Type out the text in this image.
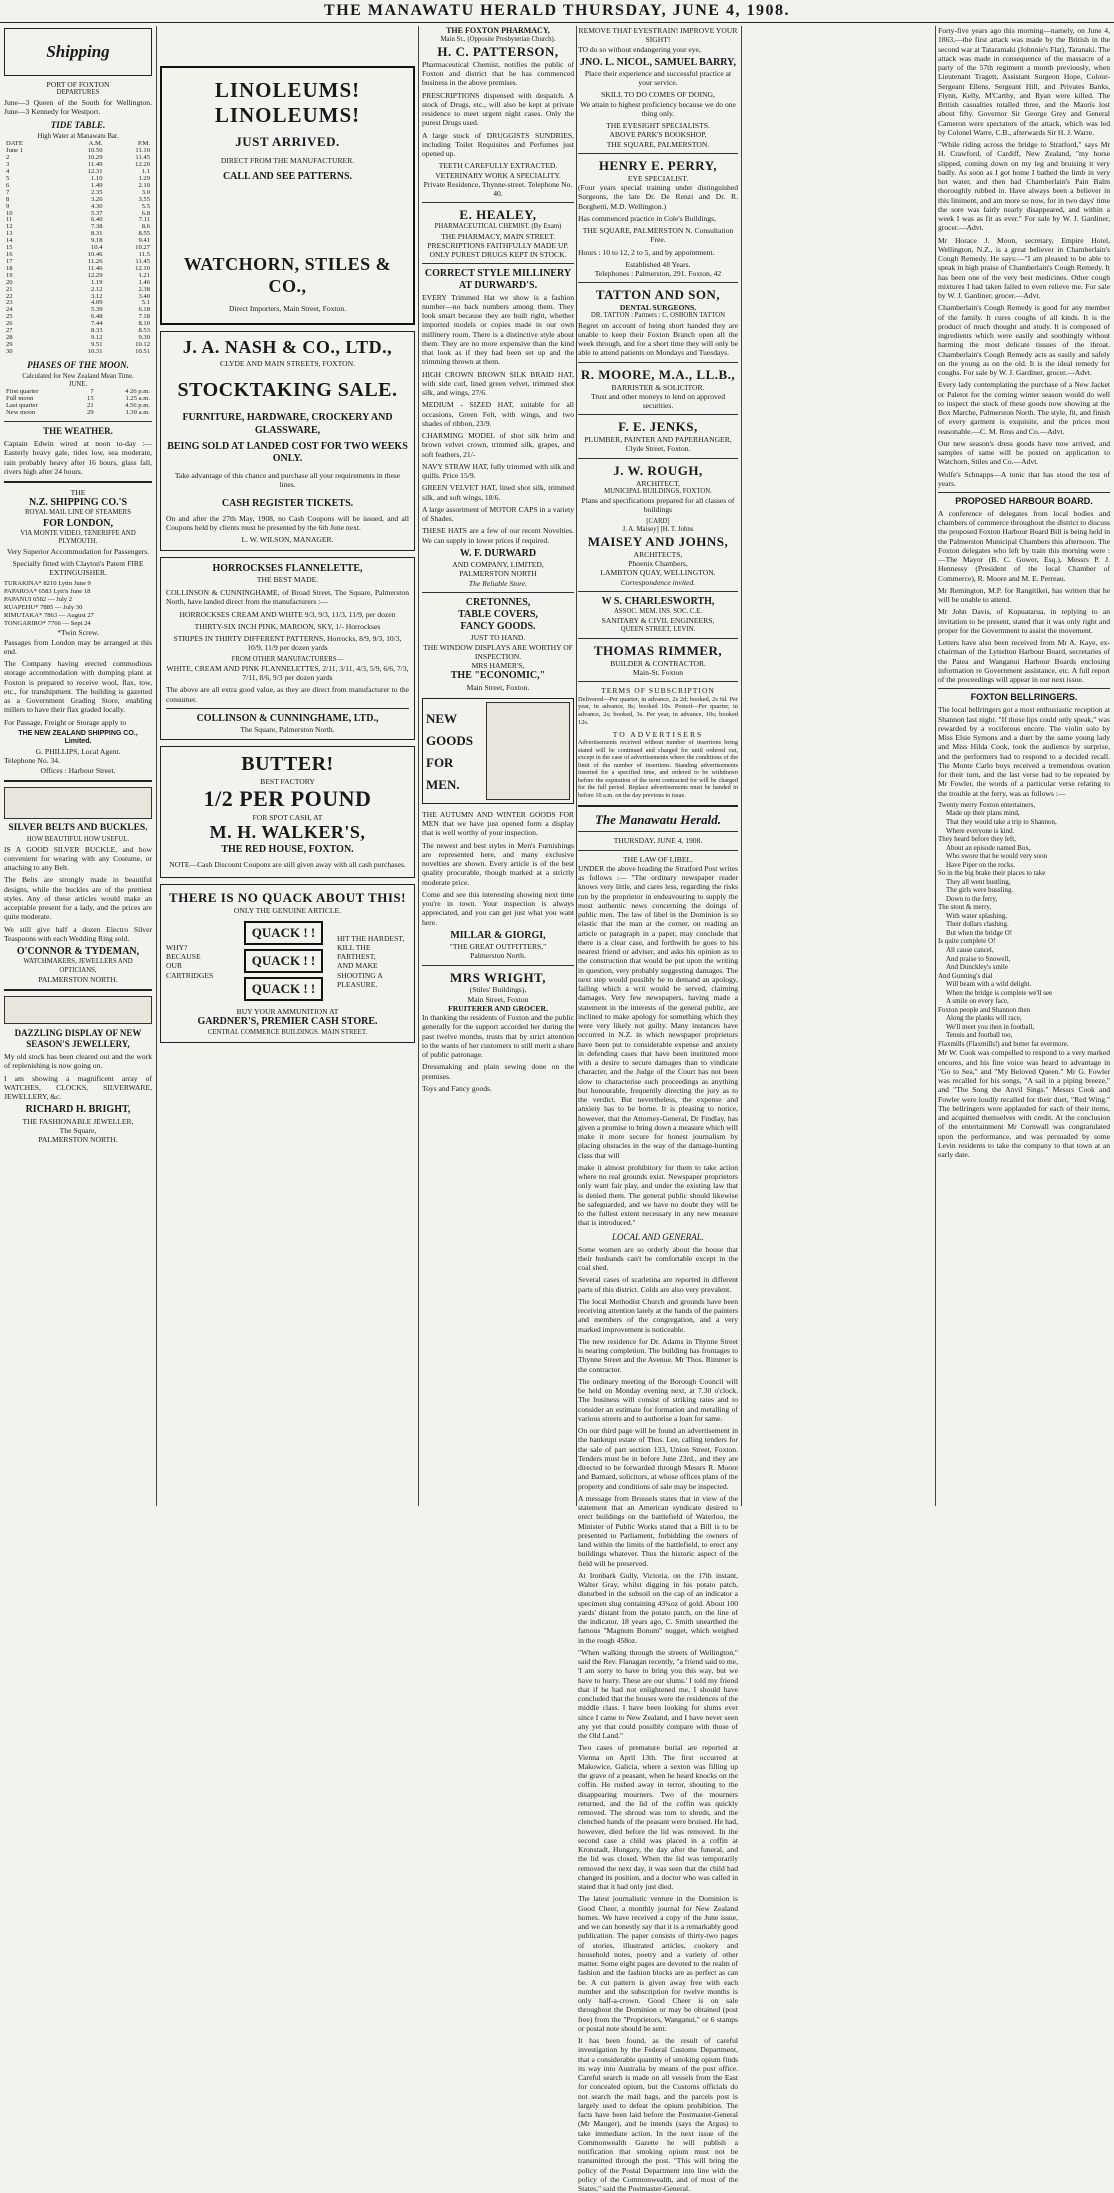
THE MANAWATU HERALD THURSDAY, JUNE 4, 1908.
Shipping
PORT OF FOXTON
DEPARTURES

June—3 Queen of the South for Wellington. June—3 Kennedy for Westport.

TIDE TABLE.
High Water at Manawatu Bar.
DATE	A.M.	P.M.
June 1	10.50	11.10
2	10.29	11.45
3	11.49	12.20
4	12.31	1.1
5	1.10	1.29
6	1.49	2.10
7	2.35	3.0
8	3.26	3.55
9	4.30	5.5
10	5.37	6.8
11	6.40	7.11
12	7.38	8.6
13	8.31	8.55
14	9.18	9.41
15	10.4	10.27
16	10.46	11.5
17	11.26	11.45
18	11.46	12.10
19	12.29	1.21
20	1.19	1.46
21	2.12	2.38
22	3.12	3.40
23	4.09	5.1
24	5.39	6.18
25	6.48	7.18
26	7.44	8.10
27	8.33	8.53
28	9.12	9.30
29	9.51	10.12
30	10.31	10.51
PHASES OF THE MOON.
Calculated for New Zealand Mean Time.
JUNE.
First quarter	7	4 26 p.m.
Full moon	15	1.25 a.m.
Last quarter	21	4.56 p.m.
New moon	29	1.39 a.m.
THE WEATHER.

Captain Edwin wired at noon to-day :— Easterly heavy gale, tides low, sea moderate, rain probably heavy after 16 hours, glass fall, rivers high after 24 hours.

THE
N.Z. SHIPPING CO.'S
ROYAL MAIL LINE OF STEAMERS
FOR LONDON,
VIA MONTE VIDEO, TENERIFFE AND PLYMOUTH.

Very Superior Accommodation for Passengers.

Specially fitted with Clayton's Patent FIRE EXTINGUISHER.

TURAKINA* 8210 Lyttn June 9
PAPAROA* 6583 Lytt'n June 18
PAPANUI 6582 — July 2
RUAPEHU* 7885 — July 30
RIMUTAKA* 7863 — August 27
TONGARIRO* 7766 — Sept 24
*Twin Screw.

Passages from London may be arranged at this end.

The Company having erected commodious storage accommodation with dumping plant at Foxton is prepared to receive wool, flax, tow, etc., for transhipment. The building is gazetted as a Government Grading Store, enabling millers to have their flax graded locally.

For Passage, Freight or Storage apply to

THE NEW ZEALAND SHIPPING CO., Limited.
G. PHILLIPS, Local Agent.
Telephone No. 34.
Offices : Harbour Street.
SILVER BELTS AND BUCKLES.
HOW BEAUTIFUL HOW USEFUL.

IS A GOOD SILVER BUCKLE, and how convenient for wearing with any Costume, or attaching to any Belt.

The Belts are strongly made in beautiful designs, while the buckles are of the prettiest styles. Any of these articles would make an acceptable present for a lady, and the prices are quite moderate.

We still give half a dozen Electro Silver Teaspoons with each Wedding Ring sold.

O'CONNOR & TYDEMAN,
WATCHMAKERS, JEWELLERS AND OPTICIANS,
PALMERSTON NORTH.
DAZZLING DISPLAY OF NEW SEASON'S JEWELLERY,

My old stock has been cleared out and the work of replenishing is now going on.

I am showing a magnificent array of WATCHES, CLOCKS, SILVERWARE, JEWELLERY, &c.

RICHARD H. BRIGHT,
THE FASHIONABLE JEWELLER,
The Square,
PALMERSTON NORTH.
LINOLEUMS!
LINOLEUMS!
JUST ARRIVED.
DIRECT FROM THE MANUFACTURER.
CALL AND SEE PATTERNS.
WATCHORN, STILES & CO.,
Direct Importers, Main Street, Foxton.
J. A. NASH & CO., LTD.,
CLYDE AND MAIN STREETS, FOXTON.
STOCKTAKING SALE.
FURNITURE, HARDWARE, CROCKERY AND GLASSWARE,
BEING SOLD AT LANDED COST FOR TWO WEEKS ONLY.

Take advantage of this chance and purchase all your requirements in these lines.

CASH REGISTER TICKETS.

On and after the 27th May, 1908, no Cash Coupons will be issued, and all Coupons held by clients must be presented by the 6th June next.

L. W. WILSON, MANAGER.
HORROCKSES FLANNELETTE,
THE BEST MADE.

COLLINSON & CUNNINGHAME, of Broad Street, The Square, Palmerston North, have landed direct from the manufacturers :—

HORROCKSES CREAM AND WHITE 9/3, 9/3, 11/3, 11/9, per dozen

THIRTY-SIX INCH PINK, MAROON, SKY, 1/- Horrockses

STRIPES IN THIRTY DIFFERENT PATTERNS, Horrocks, 8/9, 9/3, 10/3, 10/9, 11/9 per dozen yards

FROM OTHER MANUFACTURERS—

WHITE, CREAM AND PINK FLANNELETTES, 2/11, 3/11, 4/3, 5/9, 6/6, 7/3, 7/11, 8/6, 9/3 per dozen yards

The above are all extra good value, as they are direct from manufacturer to the consumer.

COLLINSON & CUNNINGHAME, LTD.,
The Square, Palmerston North.
BUTTER!
BEST FACTORY
1/2 PER POUND
FOR SPOT CASH, AT
M. H. WALKER'S,
THE RED HOUSE, FOXTON.

NOTE—Cash Discount Coupons are still given away with all cash purchases.

THERE IS NO QUACK ABOUT THIS!
ONLY THE GENUINE ARTICLE.
WHY?
BECAUSE
OUR CARTRIDGES
QUACK ! !
QUACK ! !
QUACK ! !
HIT THE HARDEST,
KILL THE FARTHEST,
AND MAKE SHOOTING A PLEASURE.
BUY YOUR AMMUNITION AT
GARDNER'S, PREMIER CASH STORE.
CENTRAL COMMERCE BUILDINGS. MAIN STREET.
THE FOXTON PHARMACY,
Main St., (Opposite Presbyterian Church).
H. C. PATTERSON,

Pharmaceutical Chemist, notifies the public of Foxton and district that he has commenced business in the above premises.

PRESCRIPTIONS dispensed with despatch. A stock of Drugs, etc., will also be kept at private residence to meet urgent night cases. Only the purest Drugs used.

A large stock of DRUGGISTS SUNDRIES, including Toilet Requisites and Perfumes just opened up.

TEETH CAREFULLY EXTRACTED.
VETERINARY WORK A SPECIALITY.
Private Residence, Thynne-street. Telephone No. 40.
E. HEALEY,
PHARMACEUTICAL CHEMIST. (By Exam)
THE PHARMACY, MAIN STREET.
PRESCRIPTIONS FAITHFULLY MADE UP.
ONLY PUREST DRUGS KEPT IN STOCK.
CORRECT STYLE MILLINERY AT DURWARD'S.

EVERY Trimmed Hat we show is a fashion number—no back numbers among them. They look smart because they are built right, whether imported models or copies made in our own millinery room. There is a distinctive style about them. They are no more expensive than the kind that look as if they had been set up and the trimming thrown at them.

HIGH CROWN BROWN SILK BRAID HAT, with side curl, lined green velvet, trimmed shot silk, and wings, 27/6.

MEDIUM - SIZED HAT, suitable for all occasions, Green Felt, with wings, and two shades of ribbon, 23/9.

CHARMING MODEL of shot silk brim and brown velvet crown, trimmed silk, grapes, and soft feathers, 21/-

NAVY STRAW HAT, fully trimmed with silk and quills. Price 15/9.

GREEN VELVET HAT, lined shot silk, trimmed silk, and soft wings, 18/6.

A large assortment of MOTOR CAPS in a variety of Shades.

THESE HATS are a few of our recent Novelties. We can supply in lower prices if required.

W. F. DURWARD
AND COMPANY, LIMITED,
PALMERSTON NORTH
The Reliable Store.
CRETONNES,
TABLE COVERS,
FANCY GOODS.
JUST TO HAND.
THE WINDOW DISPLAYS ARE WORTHY OF INSPECTION.
MRS HAMER'S,
THE "ECONOMIC,"
Main Street, Foxton.
NEW
GOODS
FOR
MEN.

THE AUTUMN AND WINTER GOODS FOR MEN that we have just opened form a display that is well worthy of your inspection.

The newest and best styles in Men's Furnishings are represented here, and many exclusive novelties are shown. Every article is of the best quality procurable, though marked at a strictly moderate price.

Come and see this interesting showing next time you're in town. Your inspection is always appreciated, and you can get just what you want here.

MILLAR & GIORGI,
"THE GREAT OUTFITTERS,"
Palmerston North.
MRS WRIGHT,
(Stiles' Buildings),
Main Street, Foxton
FRUITERER AND GROCER.

In thanking the residents of Foxton and the public generally for the support accorded her during the past twelve months, trusts that by strict attention to the wants of her customers to still merit a share of public patronage.

Dressmaking and plain sewing done on the premises.

Toys and Fancy goods.

REMOVE THAT EYESTRAIN! IMPROVE YOUR SIGHT!

TO do so without endangering your eye,

JNO. L. NICOL, SAMUEL BARRY,

Place their experience and successful practice at your service.

SKILL TO DO COMES OF DOING,

We attain to highest proficiency because we do one thing only.

THE EYESIGHT SPECIALISTS.
ABOVE PARK'S BOOKSHOP,
THE SQUARE, PALMERSTON.
HENRY E. PERRY,
EYE SPECIALIST.

(Four years special training under distinguished Surgeons, the late Dr. De Renzi and Dr. R. Borghetti, M.D. Wellington.)

Has commenced practice in Cole's Buildings,

THE SQUARE, PALMERSTON N. Consultation Free.

Hours : 10 to 12, 2 to 5, and by appointment.

Established 48 Years.
Telephones : Palmerston, 291. Foxton, 42
TATTON AND SON,
DENTAL SURGEONS.
DR. TATTON : Partners : C. OSBORN TATTON

Regret on account of being short handed they are unable to keep their Foxton Branch open all the week through, and for a short time they will only be able to attend patients on Mondays and Tuesdays.

R. MOORE, M.A., LL.B.,
BARRISTER & SOLICITOR.

Trust and other moneys to lend on approved securities.

F. E. JENKS,
PLUMBER, PAINTER AND PAPERHANGER,
Clyde Street, Foxton.
J. W. ROUGH,
ARCHITECT,
MUNICIPAL BUILDINGS, FOXTON.

Plans and specifications prepared for all classes of buildings

[CARD]
J. A. Maisey] [H. T. Johns
MAISEY AND JOHNS,
ARCHITECTS,
Phoenix Chambers,
LAMBTON QUAY, WELLINGTON.
Correspondence invited.
W S. CHARLESWORTH,
ASSOC. MEM. INS. SOC. C.E.
SANITARY & CIVIL ENGINEERS,
QUEEN STREET, LEVIN.
THOMAS RIMMER,
BUILDER & CONTRACTOR.
Main-St. Foxton
TERMS OF SUBSCRIPTION

Delivered—Per quarter, in advance, 2s 2d; booked, 2s 6d. Per year, in advance, 8s; booked 10s. Posted—Per quarter, in advance, 2s; booked, 3s. Per year, in advance, 10s; booked 12s.

TO ADVERTISERS

Advertisements received without number of insertions being stated will be continued and charged for until ordered out, except in the case of advertisements where the conditions of the limit of the number of insertions. Standing advertisements inserted for a specified time, and ordered to be withdrawn before the expiration of the term contracted for will be charged for the full period. Replace advertisements must be handed in before 10 a.m. on the day previous to issue.

The Manawatu Herald.
THURSDAY, JUNE 4, 1908.
THE LAW OF LIBEL.

UNDER the above heading the Stratford Post writes as follows :— "The ordinary newspaper reader knows very little, and cares less, regarding the risks run by the proprietor in endeavouring to supply the most authentic news concerning the doings of public men. The law of libel in the Dominion is so elastic that the man at the corner, on reading an article or paragraph in a paper, may conclude that there is a clear case, and forthwith he goes to his nearest friend or adviser, and asks his opinion as to the construction that would be put upon the writing in question, very probably suggesting damages. The next step would possibly be to demand an apology, failing which a writ would be served, claiming damages. Very few newspapers, having made a statement in the interests of the general public, are inclined to make apology for something which they were very likely not guilty. Many instances have occurred in N.Z. in which newspaper proprietors have been put to considerable expense and anxiety in defending cases that have been instituted more with a desire to secure damages than to vindicate character, and the Judge of the Court has not been slow to characterise such proceedings as anything but honourable, frequently directing the jury as to the verdict. But nevertheless, the expense and anxiety has to be borne. It is pleasing to notice, however, that the Attorney-General, Dr Findlay, has given a promise to bring down a measure which will make it more secure for honest journalism by placing obstacles in the way of the damage-hunting class that will

make it almost prohibitory for them to take action where no real grounds exist. Newspaper proprietors only want fair play, and under the existing law that is denied them. The general public should likewise be safeguarded, and we have no doubt they will be to the fullest extent necessary in any new measure that is introduced."

LOCAL AND GENERAL.

Some women are so orderly about the house that their husbands can't be comfortable except in the coal shed.

Several cases of scarletina are reported in different parts of this district. Colds are also very prevalent.

The local Methodist Church and grounds have been receiving attention lately at the hands of the painters and members of the congregation, and a very marked improvement is noticeable.

The new residence for Dr. Adams in Thynne Street is nearing completion. The building has frontages to Thynne Street and the Avenue. Mr Thos. Rimmer is the contractor.

The ordinary meeting of the Borough Council will be held on Monday evening next, at 7.30 o'clock. The business will consist of striking rates and to consider an estimate for formation and metalling of various streets and to authorise a loan for same.

On our third page will be found an advertisement in the bankrupt estate of Thos. Lee, calling tenders for the sale of part section 133, Union Street, Foxton. Tenders must be in before June 23rd., and they are directed to be forwarded through Messrs R. Moore and Barnard, solicitors, at whose offices plans of the property and conditions of sale may be inspected.

A message from Brussels states that in view of the statement that an American syndicate desired to erect buildings on the battlefield of Waterloo, the Minister of Public Works stated that a Bill is to be presented to Parliament, forbidding the owners of land within the limits of the battlefield, to erect any buildings whatever. Thus the historic aspect of the field will be preserved.

At Ironbark Gully, Victoria, on the 17th instant, Walter Gray, whilst digging in his potato patch, disturbed in the subsoil on the cap of an indicator a specimen slug containing 43¾oz of gold. About 100 yards' distant from the potato patch, on the line of the indicator, 18 years ago, C. Smith unearthed the famous "Magnum Bonum" nugget, which weighed in the rough 458oz.

"When walking through the streets of Wellington," said the Rev. Flanagan recently, "a friend said to me, 'I am sorry to have to bring you this way, but we have to hurry. These are our slums.' I told my friend that if he had not enlightened me, I should have concluded that the houses were the residences of the middle class. I have been looking for slums ever since I came to New Zealand, and I have never seen any yet that could possibly compare with those of the Old Land."

Two cases of premature burial are reported at Vienna on April 13th. The first occurred at Makowice, Galicia, where a sexton was filling up the grave of a peasant, when he heard knocks on the coffin. He rushed away in terror, shouting to the disappearing mourners. Two of the mourners returned, and the lid of the coffin was quickly removed. The shroud was torn to shreds, and the clenched hands of the peasant were bruised. He had, however, died before the lid was removed. In the second case a child was placed in a coffin at Kronstadt, Hungary, the day after the funeral, and the lid was closed. When the lid was temporarily removed the next day, it was seen that the child had changed its position, and a doctor who was called in stated that it had only just died.

The latest journalistic venture in the Dominion is Good Cheer, a monthly journal for New Zealand homes. We have received a copy of the June issue, and we can honestly say that it is a remarkably good publication. The paper consists of thirty-two pages of stories, illustrated articles, cookery and household notes, poetry and a variety of other matter. Some eight pages are devoted to the realm of fashion and the fashion blocks are as perfect as can be. A cut pattern is given away free with each number and the subscription for twelve months is only half-a-crown. Good Cheer is on sale throughout the Dominion or may be obtained (post free) from the "Proprietors, Wanganui," or 6 stamps or postal note should be sent.

It has been found, as the result of careful investigation by the Federal Customs Department, that a considerable quantity of smoking opium finds its way into Australia by means of the post office. Careful search is made on all vessels from the East for concealed opium, but the Customs officials do not search the mail bags, and the parcels post is largely used to defeat the opium prohibition. The facts have been laid before the Postmaster-General (Mr Mauger), and he intends (says the Argus) to take immediate action. In the next issue of the Commonwealth Gazette he will publish a notification that smoking opium must not be transmitted through the post. "This will bring the policy of the Postal Department into line with the policy of the Commonwealth, and of most of the States," said the Postmaster-General.

Forty-five years ago this morning—namely, on June 4, 1863,—the first attack was made by the British in the second war at Tataramaki (Johnnie's Flat), Taranaki. The attack was made in consequence of the massacre of a party of the 57th regiment a month previously, when Lieutenant Tragett, Assistant Surgeon Hope, Colour-Sergeant Ellens, Sergeant Hill, and Privates Banks, Flynn, Kelly, M'Carthy, and Ryan were killed. The British casualties totalled three, and the Maoris lost about fifty. Governor Sir George Grey and General Cameron were spectators of the attack, which was led by Colonel Warre, C.B., afterwards Sir H. J. Warre.

"While riding across the bridge to Stratford," says Mr H. Crawford, of Cardiff, New Zealand, "my horse slipped, coming down on my leg and bruising it very badly. As soon as I got home I bathed the limb in very hot water, and then had Chamberlain's Pain Balm thoroughly rubbed in. Have always been a believer in this liniment, and am more so now, for in two days' time the sore was fairly nearly disappeared, and within a week I was as fit as ever." For sale by W. J. Gardiner, grocer.—Advt.

Mr Horace J. Moon, secretary, Empire Hotel, Wellington, N.Z., is a great believer in Chamberlain's Cough Remedy. He says:—"I am pleased to be able to speak in high praise of Chamberlain's Cough Remedy. It has been one of the very best medicines. Other cough mixtures I had taken failed to even relieve me. For sale by W. J. Gardiner, grocer.—Advt.

Chamberlain's Cough Remedy is good for any member of the family. It cures coughs of all kinds. It is the product of much thought and study. It is composed of ingredients which were easily and soothingly without harming the most delicate tissues of the throat. Chamberlain's Cough Remedy acts as easily and safely on the young as on the old. It is the ideal remedy for coughs. For sale by W. J. Gardiner, grocer.—Advt.

Every lady contemplating the purchase of a New Jacket or Paletot for the coming winter season would do well to inspect the stock of these goods now showing at the Box Marche, Palmerston North. The style, fit, and finish of every garment is exquisite, and the prices most reasonable.—C. M. Ross and Co.—Advt.

Our new season's dress goods have now arrived, and samples of same will be posted on application to Watchorn, Stiles and Co.—Advt.

Wolfe's Schnapps—A tonic that has stood the test of years.

PROPOSED HARBOUR BOARD.

A conference of delegates from local bodies and chambers of commerce throughout the district to discuss the proposed Foxton Harbour Board Bill is being held in the Palmerston Municipal Chambers this afternoon. The Foxton delegates who left by train this morning were :—The Mayor (B. C. Gower, Esq.), Messrs P. J. Hennessy (President of the local Chamber of Commerce), R. Moore and M. E. Perreau.

Mr Remington, M.P. for Rangitikei, has written that he will be unable to attend.

Mr John Davis, of Kopuatarua, in replying to an invitation to be present, stated that it was only right and proper for the Government to assist the movement.

Letters have also been received from Mr A. Kaye, ex-chairman of the Lyttelton Harbour Board, secretaries of the Patea and Wanganui Harbour Boards enclosing information re Government assistance, etc. A full report of the proceedings will appear in our next issue.

FOXTON BELLRINGERS.

The local bellringers got a most enthusiastic reception at Shannon last night. "If those lips could only speak," was rewarded by a vociferous encore. The violin solo by Miss Elsie Symons and a duet by the same young lady and Miss Hilda Cook, took the audience by surprise, and the performers had to respond to a decided recall. The Monte Carlo boys received a tremendous ovation for their turn, and the last verse had to be repeated by Mr Fowler, the words of a particular verse relating to the trouble at the ferry, was as follows :—

Twenty merry Foxton entertainers,
Made up their plans mind,
That they would take a trip to Shannon,
Where everyone is kind.
They heard before they left,
About an episode named Box,
Who swore that he would very soon
Have Piper on the rocks.
So in the big brake their places to take
They all went bustling,
The girls were bussling.
Down to the ferry,
The stout & merry,
With water splashing,
Their dollars clashing.
But when the bridge O!
Is quite complete O!
All cause cancel,
And praise to Snowell,
And Dunckley's smile
And Gunning's dial
Will beam with a wild delight.
When the bridge is complete we'll see
A smile on every face,
Foxton people and Shannon then
Along the planks will race,
We'll meet you then in football,
Tennis and football too,
Flaxmills (Flaxmills!) and butter fat evermore.

Mr W. Cook was compelled to respond to a very marked encores, and his fine voice was heard to advantage in "Go to Sea," and "My Beloved Queen." Mr G. Fowler was recalled for his songs, "A sail in a piping breeze," and "The Song the Anvil Sings." Messrs Cook and Fowler were loudly recalled for their duet, "Red Wing." The bellringers were applauded for each of their items, and acquitted themselves with credit. At the conclusion of the entertainment Mr Cornwall was congratulated upon the performance, and was persuaded by some Levin residents to take the company to that town at an early date.
